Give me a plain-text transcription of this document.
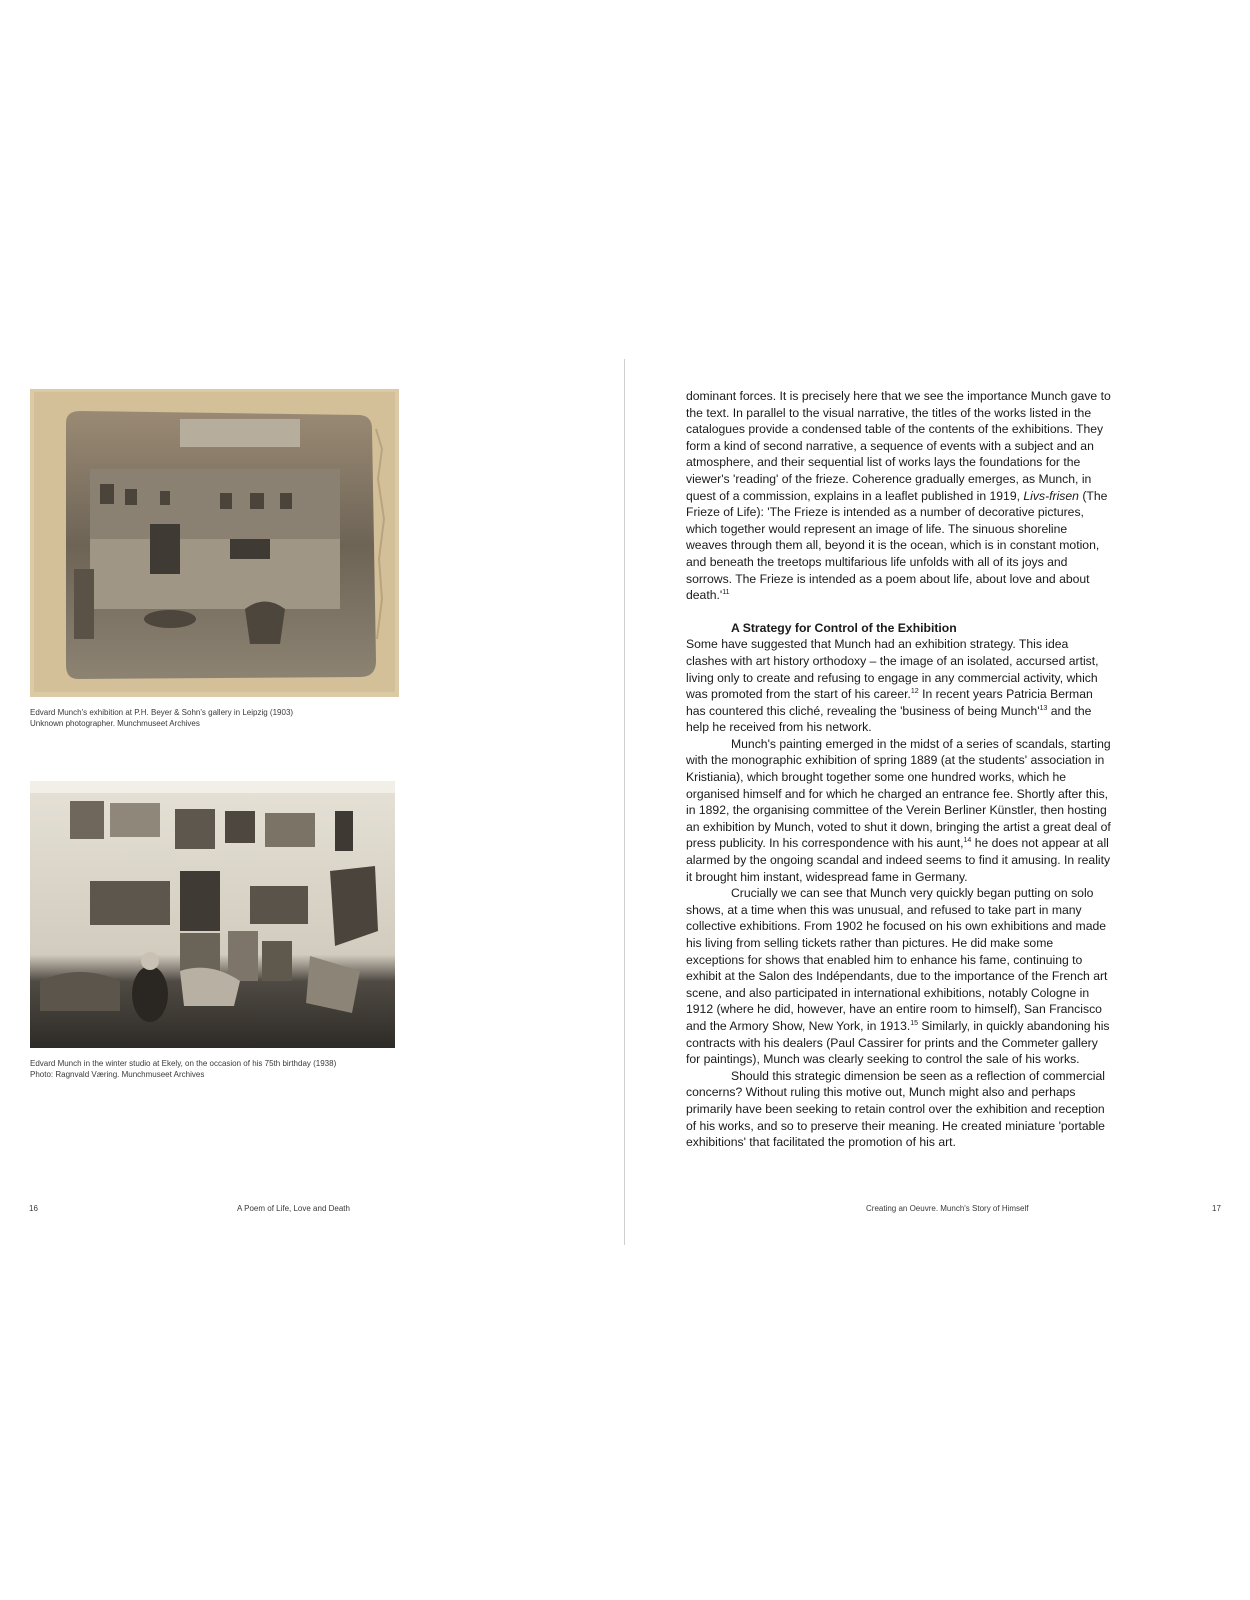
Edvard Munch's exhibition at P.H. Beyer & Sohn's gallery in Leipzig (1903)
Unknown photographer. Munchmuseet Archives
Edvard Munch in the winter studio at Ekely, on the occasion of his 75th birthday (1938)
Photo: Ragnvald Væring. Munchmuseet Archives
16	A Poem of Life, Love and Death	Creating an Oeuvre. Munch's Story of Himself	17

dominant forces. It is precisely here that we see the importance Munch gave to the text. In parallel to the visual narrative, the titles of the works listed in the catalogues provide a condensed table of the contents of the exhibitions. They form a kind of second narrative, a sequence of events with a subject and an atmosphere, and their sequential list of works lays the foundations for the viewer's 'reading' of the frieze. Coherence gradually emerges, as Munch, in quest of a commission, explains in a leaflet published in 1919, Livs-frisen (The Frieze of Life): 'The Frieze is intended as a number of decorative pictures, which together would represent an image of life. The sinuous shoreline weaves through them all, beyond it is the ocean, which is in constant motion, and beneath the treetops multifarious life unfolds with all of its joys and sorrows. The Frieze is intended as a poem about life, about love and about $death.'^{11}$

A Strategy for Control of the Exhibition

Some have suggested that Munch had an exhibition strategy. This idea clashes with art history orthodoxy – the image of an isolated, accursed artist, living only to create and refusing to engage in any commercial activity, which was promoted from the start of his career.$^{12}$ In recent years Patricia Berman has countered this cliché, revealing the 'business of being $Munch'^{13}$ and the help he received from his network.

Munch's painting emerged in the midst of a series of scandals, starting with the monographic exhibition of spring 1889 (at the students' association in Kristiania), which brought together some one hundred works, which he organised himself and for which he charged an entrance fee. Shortly after this, in 1892, the organising committee of the Verein Berliner Künstler, then hosting an exhibition by Munch, voted to shut it down, bringing the artist a great deal of press publicity. In his correspondence with his aunt,$^{14}$ he does not appear at all alarmed by the ongoing scandal and indeed seems to find it amusing. In reality it brought him instant, widespread fame in Germany.

Crucially we can see that Munch very quickly began putting on solo shows, at a time when this was unusual, and refused to take part in many collective exhibitions. From 1902 he focused on his own exhibitions and made his living from selling tickets rather than pictures. He did make some exceptions for shows that enabled him to enhance his fame, continuing to exhibit at the Salon des Indépendants, due to the importance of the French art scene, and also participated in international exhibitions, notably Cologne in 1912 (where he did, however, have an entire room to himself), San Francisco and the Armory Show, New York, in 1913.15 Similarly, in quickly abandoning his contracts with his dealers (Paul Cassirer for prints and the Commeter gallery for paintings), Munch was clearly seeking to control the sale of his works.

Should this strategic dimension be seen as a reflection of commercial concerns? Without ruling this motive out, Munch might also and perhaps primarily have been seeking to retain control over the exhibition and reception of his works, and so to preserve their meaning. He created miniature 'portable exhibitions' that facilitated the promotion of his art.
